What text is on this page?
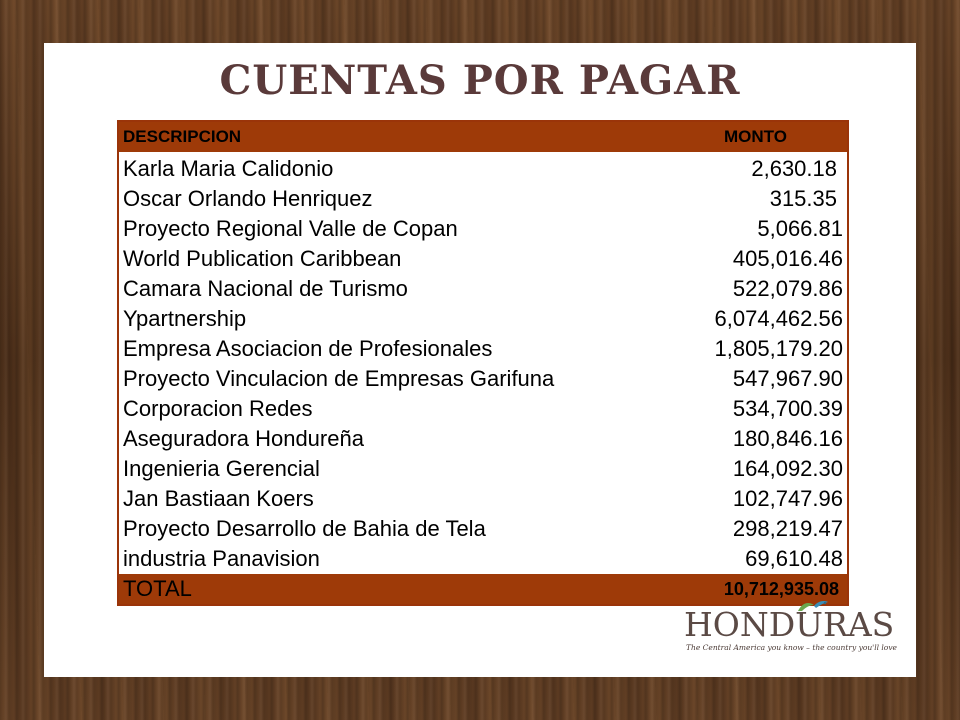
CUENTAS POR PAGAR
DESCRIPCION	MONTO
Karla Maria Calidonio	2,630.18
Oscar Orlando Henriquez	315.35
Proyecto Regional Valle de Copan	5,066.81
World Publication Caribbean	405,016.46
Camara Nacional de Turismo	522,079.86
Ypartnership	6,074,462.56
Empresa Asociacion de Profesionales	1,805,179.20
Proyecto Vinculacion de Empresas Garifuna	547,967.90
Corporacion Redes	534,700.39
Aseguradora Hondureña	180,846.16
Ingenieria Gerencial	164,092.30
Jan Bastiaan Koers	102,747.96
Proyecto Desarrollo de Bahia de Tela	298,219.47
industria Panavision	69,610.48
TOTAL	10,712,935.08
HONDURAS
The Central America you know – the country you'll love
